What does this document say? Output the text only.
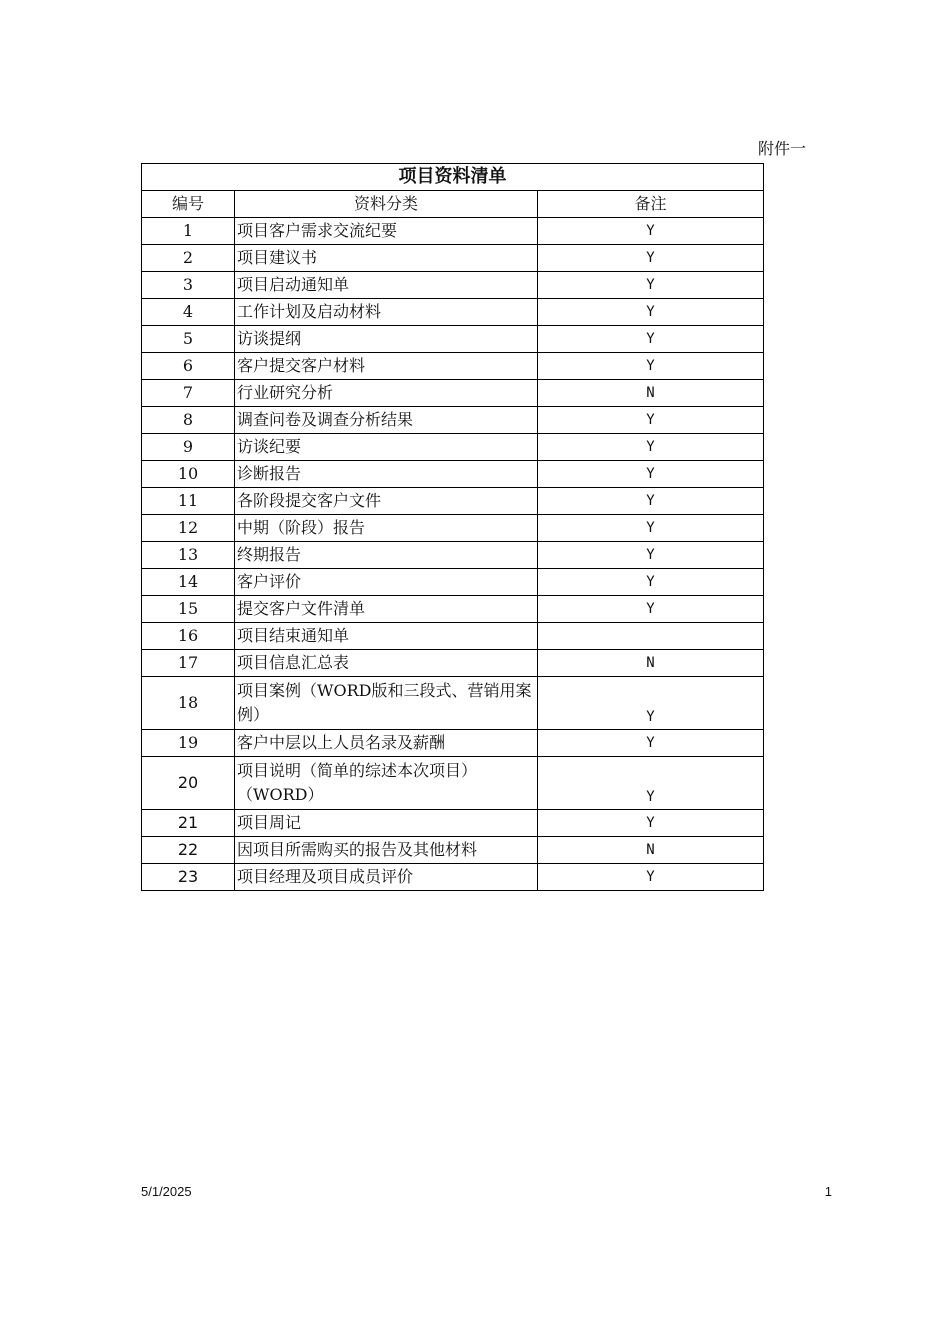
附件一
项目资料清单		
编号	资料分类	备注
1	项目客户需求交流纪要	Y
2	项目建议书	Y
3	项目启动通知单	Y
4	工作计划及启动材料	Y
5	访谈提纲	Y
6	客户提交客户材料	Y
7	行业研究分析	N
8	调查问卷及调查分析结果	Y
9	访谈纪要	Y
10	诊断报告	Y
11	各阶段提交客户文件	Y
12	中期（阶段）报告	Y
13	终期报告	Y
14	客户评价	Y
15	提交客户文件清单	Y
16	项目结束通知单	
17	项目信息汇总表	N
18	项目案例（WORD版和三段式、营销用案例）	Y
19	客户中层以上人员名录及薪酬	Y
20	项目说明（简单的综述本次项目）（WORD）	Y
21	项目周记	Y
22	因项目所需购买的报告及其他材料	N
23	项目经理及项目成员评价	Y
5/1/2025	1
